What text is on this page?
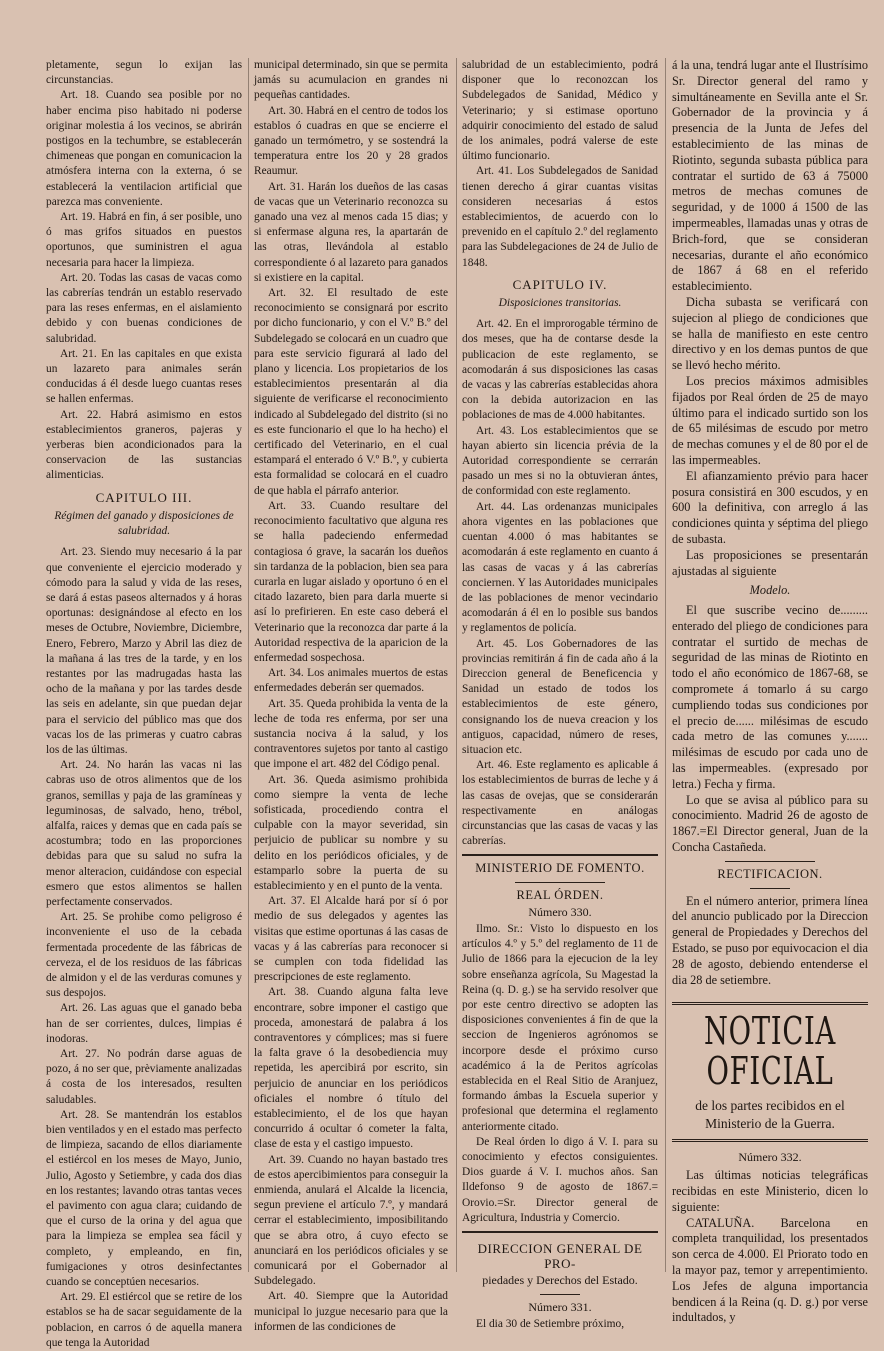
pletamente, segun lo exijan las circunstancias.

Art. 18. Cuando sea posible por no haber encima piso habitado ni poderse originar molestia á los vecinos, se abrirán postigos en la techumbre, se establecerán chimeneas que pongan en comunicacion la atmósfera interna con la externa, ó se establecerá la ventilacion artificial que parezca mas conveniente.

Art. 19. Habrá en fin, á ser posible, uno ó mas grifos situados en puestos oportunos, que suministren el agua necesaria para hacer la limpieza.

Art. 20. Todas las casas de vacas como las cabrerías tendrán un establo reservado para las reses enfermas, en el aislamiento debido y con buenas condiciones de salubridad.

Art. 21. En las capitales en que exista un lazareto para animales serán conducidas á él desde luego cuantas reses se hallen enfermas.

Art. 22. Habrá asimismo en estos establecimientos graneros, pajeras y yerberas bien acondicionados para la conservacion de las sustancias alimenticias.

CAPITULO III.
Régimen del ganado y disposiciones de salubridad.

Art. 23. Siendo muy necesario á la par que conveniente el ejercicio moderado y cómodo para la salud y vida de las reses, se dará á estas paseos alternados y á horas oportunas: designándose al efecto en los meses de Octubre, Noviembre, Diciembre, Enero, Febrero, Marzo y Abril las diez de la mañana á las tres de la tarde, y en los restantes por las madrugadas hasta las ocho de la mañana y por las tardes desde las seis en adelante, sin que puedan dejar para el servicio del público mas que dos vacas los de las primeras y cuatro cabras los de las últimas.

Art. 24. No harán las vacas ni las cabras uso de otros alimentos que de los granos, semillas y paja de las gramíneas y leguminosas, de salvado, heno, trébol, alfalfa, raices y demas que en cada país se acostumbra; todo en las proporciones debidas para que su salud no sufra la menor alteracion, cuidándose con especial esmero que estos alimentos se hallen perfectamente conservados.

Art. 25. Se prohibe como peligroso é inconveniente el uso de la cebada fermentada procedente de las fábricas de cerveza, el de los residuos de las fábricas de almidon y el de las verduras comunes y sus despojos.

Art. 26. Las aguas que el ganado beba han de ser corrientes, dulces, limpias é inodoras.

Art. 27. No podrán darse aguas de pozo, á no ser que, prèviamente analizadas á costa de los interesados, resulten saludables.

Art. 28. Se mantendrán los establos bien ventilados y en el estado mas perfecto de limpieza, sacando de ellos diariamente el estiércol en los meses de Mayo, Junio, Julio, Agosto y Setiembre, y cada dos dias en los restantes; lavando otras tantas veces el pavimento con agua clara; cuidando de que el curso de la orina y del agua que para la limpieza se emplea sea fácil y completo, y empleando, en fin, fumigaciones y otros desinfectantes cuando se conceptúen necesarios.

Art. 29. El estiércol que se retire de los establos se ha de sacar seguidamente de la poblacion, en carros ó de aquella manera que tenga la Autoridad

municipal determinado, sin que se permita jamás su acumulacion en grandes ni pequeñas cantidades.

Art. 30. Habrá en el centro de todos los establos ó cuadras en que se encierre el ganado un termómetro, y se sostendrá la temperatura entre los 20 y 28 grados Reaumur.

Art. 31. Harán los dueños de las casas de vacas que un Veterinario reconozca su ganado una vez al menos cada 15 dias; y si enfermase alguna res, la apartarán de las otras, llevándola al establo correspondiente ó al lazareto para ganados si existiere en la capital.

Art. 32. El resultado de este reconocimiento se consignará por escrito por dicho funcionario, y con el V.º B.º del Subdelegado se colocará en un cuadro que para este servicio figurará al lado del plano y licencia. Los propietarios de los establecimientos presentarán al dia siguiente de verificarse el reconocimiento indicado al Subdelegado del distrito (si no es este funcionario el que lo ha hecho) el certificado del Veterinario, en el cual estampará el enterado ó V.º B.º, y cubierta esta formalidad se colocará en el cuadro de que habla el párrafo anterior.

Art. 33. Cuando resultare del reconocimiento facultativo que alguna res se halla padeciendo enfermedad contagiosa ó grave, la sacarán los dueños sin tardanza de la poblacion, bien sea para curarla en lugar aislado y oportuno ó en el citado lazareto, bien para darla muerte si así lo prefirieren. En este caso deberá el Veterinario que la reconozca dar parte á la Autoridad respectiva de la aparicion de la enfermedad sospechosa.

Art. 34. Los animales muertos de estas enfermedades deberán ser quemados.

Art. 35. Queda prohibida la venta de la leche de toda res enferma, por ser una sustancia nociva á la salud, y los contraventores sujetos por tanto al castigo que impone el art. 482 del Código penal.

Art. 36. Queda asimismo prohibida como siempre la venta de leche sofisticada, procediendo contra el culpable con la mayor severidad, sin perjuicio de publicar su nombre y su delito en los periódicos oficiales, y de estamparlo sobre la puerta de su establecimiento y en el punto de la venta.

Art. 37. El Alcalde hará por sí ó por medio de sus delegados y agentes las visitas que estime oportunas á las casas de vacas y á las cabrerías para reconocer si se cumplen con toda fidelidad las prescripciones de este reglamento.

Art. 38. Cuando alguna falta leve encontrare, sobre imponer el castigo que proceda, amonestará de palabra á los contraventores y cómplices; mas si fuere la falta grave ó la desobediencia muy repetida, les apercibirá por escrito, sin perjuicio de anunciar en los periódicos oficiales el nombre ó título del establecimiento, el de los que hayan concurrido á ocultar ó cometer la falta, clase de esta y el castigo impuesto.

Art. 39. Cuando no hayan bastado tres de estos apercibimientos para conseguir la enmienda, anulará el Alcalde la licencia, segun previene el artículo 7.º, y mandará cerrar el establecimiento, imposibilitando que se abra otro, á cuyo efecto se anunciará en los periódicos oficiales y se comunicará por el Gobernador al Subdelegado.

Art. 40. Siempre que la Autoridad municipal lo juzgue necesario para que la informen de las condiciones de

salubridad de un establecimiento, podrá disponer que lo reconozcan los Subdelegados de Sanidad, Médico y Veterinario; y si estimase oportuno adquirir conocimiento del estado de salud de los animales, podrá valerse de este último funcionario.

Art. 41. Los Subdelegados de Sanidad tienen derecho á girar cuantas visitas consideren necesarias á estos establecimientos, de acuerdo con lo prevenido en el capítulo 2.º del reglamento para las Subdelegaciones de 24 de Julio de 1848.

CAPITULO IV.
Disposiciones transitorias.

Art. 42. En el improrogable término de dos meses, que ha de contarse desde la publicacion de este reglamento, se acomodarán á sus disposiciones las casas de vacas y las cabrerías establecidas ahora con la debida autorizacion en las poblaciones de mas de 4.000 habitantes.

Art. 43. Los establecimientos que se hayan abierto sin licencia prévia de la Autoridad correspondiente se cerrarán pasado un mes si no la obtuvieran ántes, de conformidad con este reglamento.

Art. 44. Las ordenanzas municipales ahora vigentes en las poblaciones que cuentan 4.000 ó mas habitantes se acomodarán á este reglamento en cuanto á las casas de vacas y á las cabrerías conciernen. Y las Autoridades municipales de las poblaciones de menor vecindario acomodarán á él en lo posible sus bandos y reglamentos de policía.

Art. 45. Los Gobernadores de las provincias remitirán á fin de cada año á la Direccion general de Beneficencia y Sanidad un estado de todos los establecimientos de este género, consignando los de nueva creacion y los antiguos, capacidad, número de reses, situacion etc.

Art. 46. Este reglamento es aplicable á los establecimientos de burras de leche y á las casas de ovejas, que se considerarán respectivamente en análogas circunstancias que las casas de vacas y las cabrerías.

MINISTERIO DE FOMENTO.
REAL ÓRDEN.
Número 330.

Ilmo. Sr.: Visto lo dispuesto en los artículos 4.º y 5.º del reglamento de 11 de Julio de 1866 para la ejecucion de la ley sobre enseñanza agrícola, Su Magestad la Reina (q. D. g.) se ha servido resolver que por este centro directivo se adopten las disposiciones convenientes á fin de que la seccion de Ingenieros agrónomos se incorpore desde el próximo curso académico á la de Peritos agrícolas establecida en el Real Sitio de Aranjuez, formando ámbas la Escuela superior y profesional que determina el reglamento anteriormente citado.

De Real órden lo digo á V. I. para su conocimiento y efectos consiguientes. Dios guarde á V. I. muchos años. San Ildefonso 9 de agosto de 1867.= Orovio.=Sr. Director general de Agricultura, Industria y Comercio.

DIRECCION GENERAL DE PRO-
piedades y Derechos del Estado.
Número 331.

El dia 30 de Setiembre próximo,

á la una, tendrá lugar ante el Ilustrísimo Sr. Director general del ramo y simultáneamente en Sevilla ante el Sr. Gobernador de la provincia y á presencia de la Junta de Jefes del establecimiento de las minas de Riotinto, segunda subasta pública para contratar el surtido de 63 á 75000 metros de mechas comunes de seguridad, y de 1000 á 1500 de las impermeables, llamadas unas y otras de Brich-ford, que se consideran necesarias, durante el año económico de 1867 á 68 en el referido establecimiento.

Dicha subasta se verificará con sujecion al pliego de condiciones que se halla de manifiesto en este centro directivo y en los demas puntos de que se llevó hecho mérito.

Los precios máximos admisibles fijados por Real órden de 25 de mayo último para el indicado surtido son los de 65 milésimas de escudo por metro de mechas comunes y el de 80 por el de las impermeables.

El afianzamiento prévio para hacer posura consistirá en 300 escudos, y en 600 la definitiva, con arreglo á las condiciones quinta y séptima del pliego de subasta.

Las proposiciones se presentarán ajustadas al siguiente

Modelo.

El que suscribe vecino de......... enterado del pliego de condiciones para contratar el surtido de mechas de seguridad de las minas de Riotinto en todo el año económico de 1867-68, se compromete á tomarlo á su cargo cumpliendo todas sus condiciones por el precio de...... milésimas de escudo cada metro de las comunes y....... milésimas de escudo por cada uno de las impermeables. (expresado por letra.) Fecha y firma.

Lo que se avisa al público para su conocimiento. Madrid 26 de agosto de 1867.=El Director general, Juan de la Concha Castañeda.

RECTIFICACION.

En el número anterior, primera línea del anuncio publicado por la Direccion general de Propiedades y Derechos del Estado, se puso por equivocacion el dia 28 de agosto, debiendo entenderse el dia 28 de setiembre.

NOTICIA OFICIAL
de los partes recibidos en el Ministerio de la Guerra.
Número 332.

Las últimas noticias telegráficas recibidas en este Ministerio, dicen lo siguiente:

CATALUÑA. Barcelona en completa tranquilidad, los presentados son cerca de 4.000. El Priorato todo en la mayor paz, temor y arrepentimiento. Los Jefes de alguna importancia bendicen á la Reina (q. D. g.) por verse indultados, y
